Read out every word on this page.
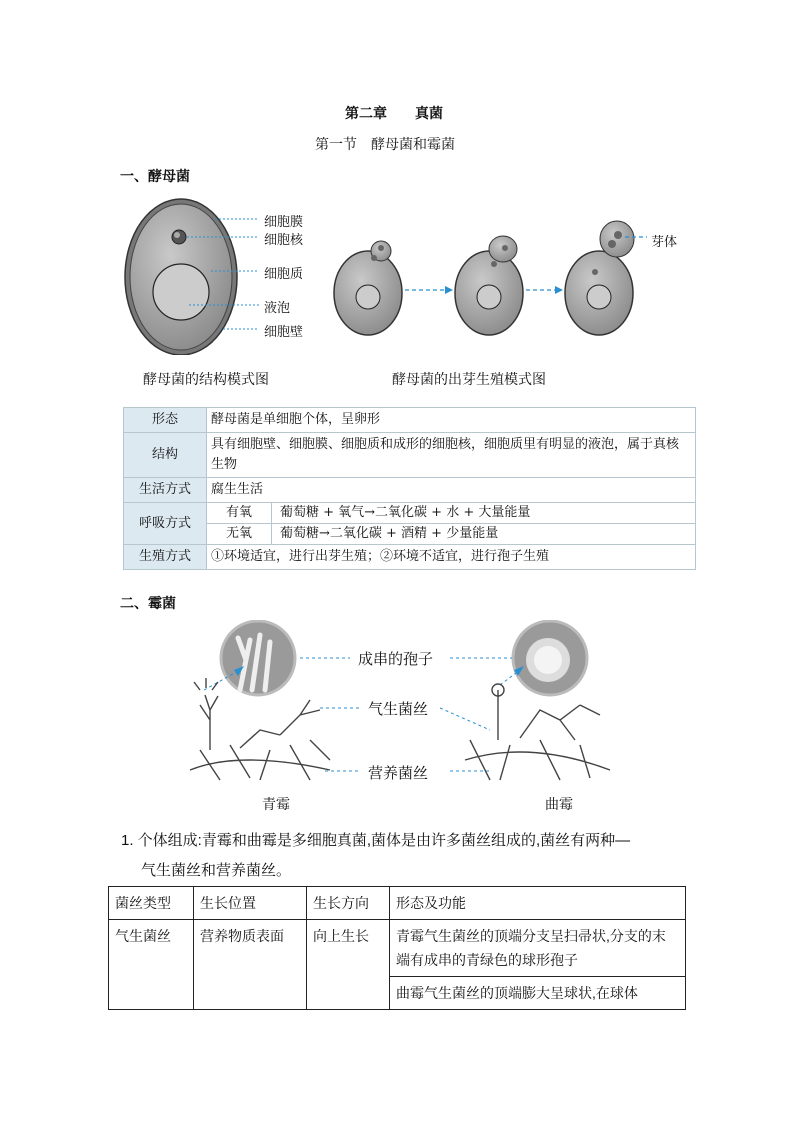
第二章　　真菌
第一节　酵母菌和霉菌
一、酵母菌
细胞膜
细胞核
细胞质
液泡
细胞壁
芽体
酵母菌的结构模式图	酵母菌的出芽生殖模式图
形态	酵母菌是单细胞个体，呈卵形
结构	具有细胞壁、细胞膜、细胞质和成形的细胞核，细胞质里有明显的液泡，属于真核生物
生活方式	腐生生活
呼吸方式	有氧 葡萄糖 + 氧气→二氧化碳 + 水 + 大量能量
无氧 葡萄糖→二氧化碳 + 酒精 + 少量能量

生殖方式	①环境适宜，进行出芽生殖；②环境不适宜，进行孢子生殖
二、霉菌
成串的孢子
气生菌丝
营养菌丝
青霉	曲霉
1. 个体组成:青霉和曲霉是多细胞真菌,菌体是由许多菌丝组成的,菌丝有两种—
气生菌丝和营养菌丝。
菌丝类型	生长位置	生长方向	形态及功能
气生菌丝	营养物质表面	向上生长	青霉气生菌丝的顶端分支呈扫帚状,分支的末端有成串的青绿色的球形孢子
			曲霉气生菌丝的顶端膨大呈球状,在球体
